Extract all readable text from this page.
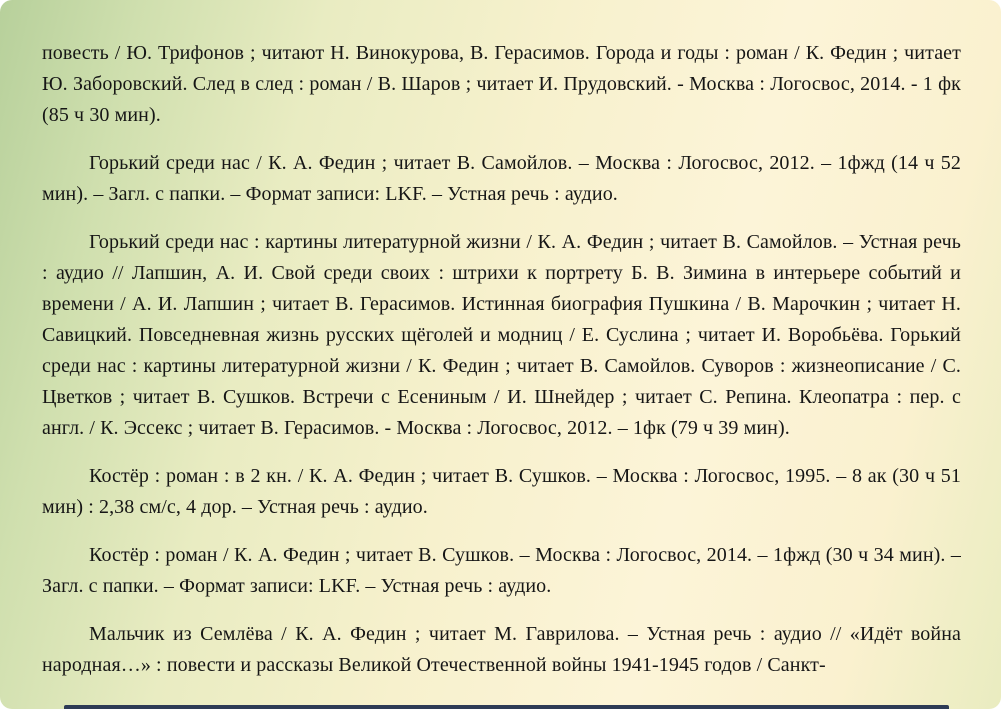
повесть / Ю. Трифонов ; читают Н. Винокурова, В. Герасимов. Города и годы : роман / К. Федин ; читает Ю. Заборовский. След в след : роман / В. Шаров ; читает И. Прудовский. - Москва : Логосвос, 2014. - 1 фк (85 ч 30 мин).

Горький среди нас / К. А. Федин ; читает В. Самойлов. – Москва : Логосвос, 2012. – 1фжд (14 ч 52 мин). – Загл. с папки. – Формат записи: LKF. – Устная речь : аудио.

Горький среди нас : картины литературной жизни / К. А. Федин ; читает В. Самойлов. – Устная речь : аудио // Лапшин, А. И. Свой среди своих : штрихи к портрету Б. В. Зимина в интерьере событий и времени / А. И. Лапшин ; читает В. Герасимов. Истинная биография Пушкина / В. Марочкин ; читает Н. Савицкий. Повседневная жизнь русских щёголей и модниц / Е. Суслина ; читает И. Воробьёва. Горький среди нас : картины литературной жизни / К. Федин ; читает В. Самойлов. Суворов : жизнеописание / С. Цветков ; читает В. Сушков. Встречи с Есениным / И. Шнейдер ; читает С. Репина. Клеопатра : пер. с англ. / К. Эссекс ; читает В. Герасимов. - Москва : Логосвос, 2012. – 1фк (79 ч 39 мин).

Костёр : роман : в 2 кн. / К. А. Федин ; читает В. Сушков. – Москва : Логосвос, 1995. – 8 ак (30 ч 51 мин) : 2,38 см/с, 4 дор. – Устная речь : аудио.

Костёр : роман / К. А. Федин ; читает В. Сушков. – Москва : Логосвос, 2014. – 1фжд (30 ч 34 мин). – Загл. с папки. – Формат записи: LKF. – Устная речь : аудио.

Мальчик из Семлёва / К. А. Федин ; читает М. Гаврилова. – Устная речь : аудио // «Идёт война народная…» : повести и рассказы Великой Отечественной войны 1941-1945 годов / Санкт-
